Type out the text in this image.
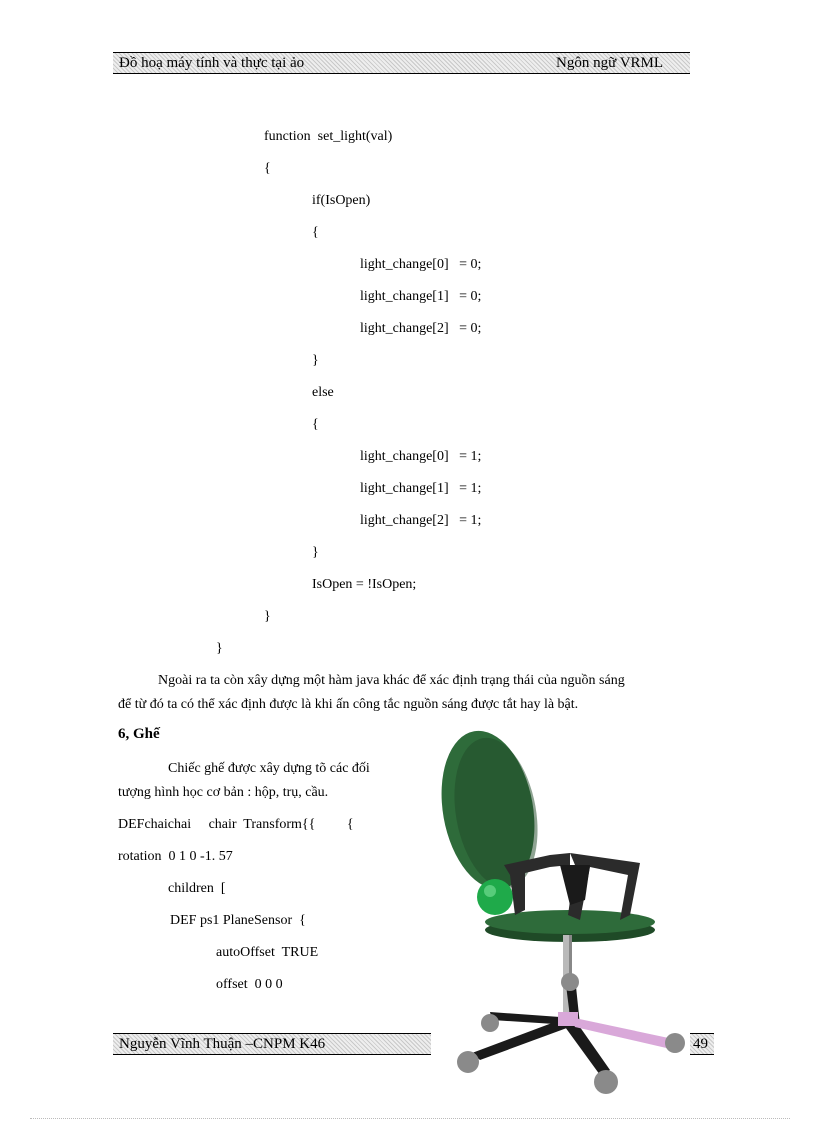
Đồ hoạ máy tính và thực tại ảo	Ngôn ngữ VRML
function  set_light(val)
{
if(IsOpen)
{
light_change[0]   = 0;
light_change[1]   = 0;
light_change[2]   = 0;
}
else
{
light_change[0]   = 1;
light_change[1]   = 1;
light_change[2]   = 1;
}
IsOpen = !IsOpen;
}
}
Ngoài ra ta còn xây dựng một hàm java khác để xác định trạng thái của nguồn sáng
để từ đó ta có thể xác định được là khi ấn công tắc nguồn sáng được tắt hay là bật.
6, Ghế
Chiếc ghế được xây dựng tõ các đối
tượng hình học cơ bản : hộp, trụ, cầu.
DEFchaichai     chair  Transform{{         {
rotation  0 1 0 -1. 57
children  [
DEF ps1 PlaneSensor  {
autoOffset  TRUE
offset  0 0 0
Nguyễn Vĩnh Thuận –CNPM K46	49
